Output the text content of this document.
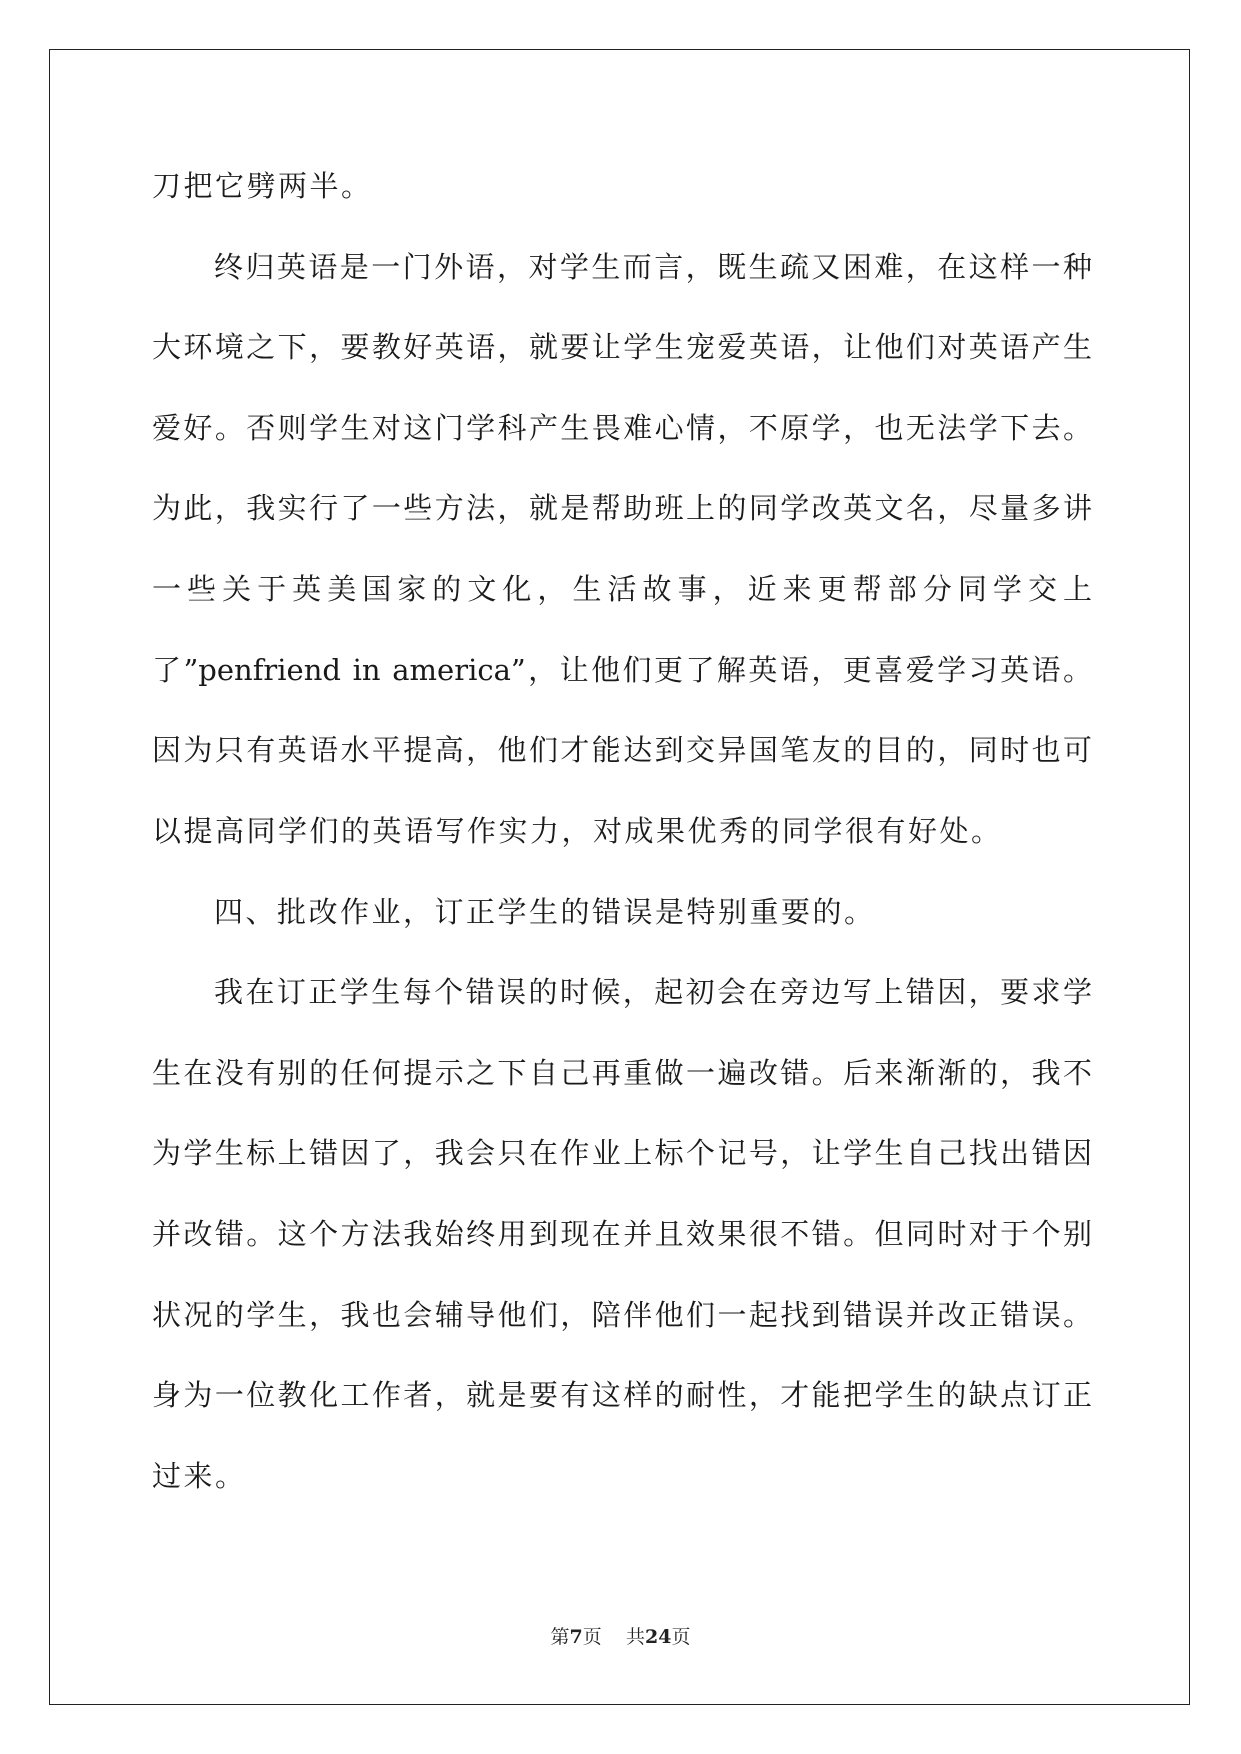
刀把它劈两半。
终归英语是一门外语，对学生而言，既生疏又困难，在这样一种
大环境之下，要教好英语，就要让学生宠爱英语，让他们对英语产生
爱好。否则学生对这门学科产生畏难心情，不原学，也无法学下去。
为此，我实行了一些方法，就是帮助班上的同学改英文名，尽量多讲
一些关于英美国家的文化，生活故事，近来更帮部分同学交上
了”penfriend in america”，让他们更了解英语，更喜爱学习英语。
因为只有英语水平提高，他们才能达到交异国笔友的目的，同时也可
以提高同学们的英语写作实力，对成果优秀的同学很有好处。
四、批改作业，订正学生的错误是特别重要的。
我在订正学生每个错误的时候，起初会在旁边写上错因，要求学
生在没有别的任何提示之下自己再重做一遍改错。后来渐渐的，我不
为学生标上错因了，我会只在作业上标个记号，让学生自己找出错因
并改错。这个方法我始终用到现在并且效果很不错。但同时对于个别
状况的学生，我也会辅导他们，陪伴他们一起找到错误并改正错误。
身为一位教化工作者，就是要有这样的耐性，才能把学生的缺点订正
过来。
第7页 共24页
